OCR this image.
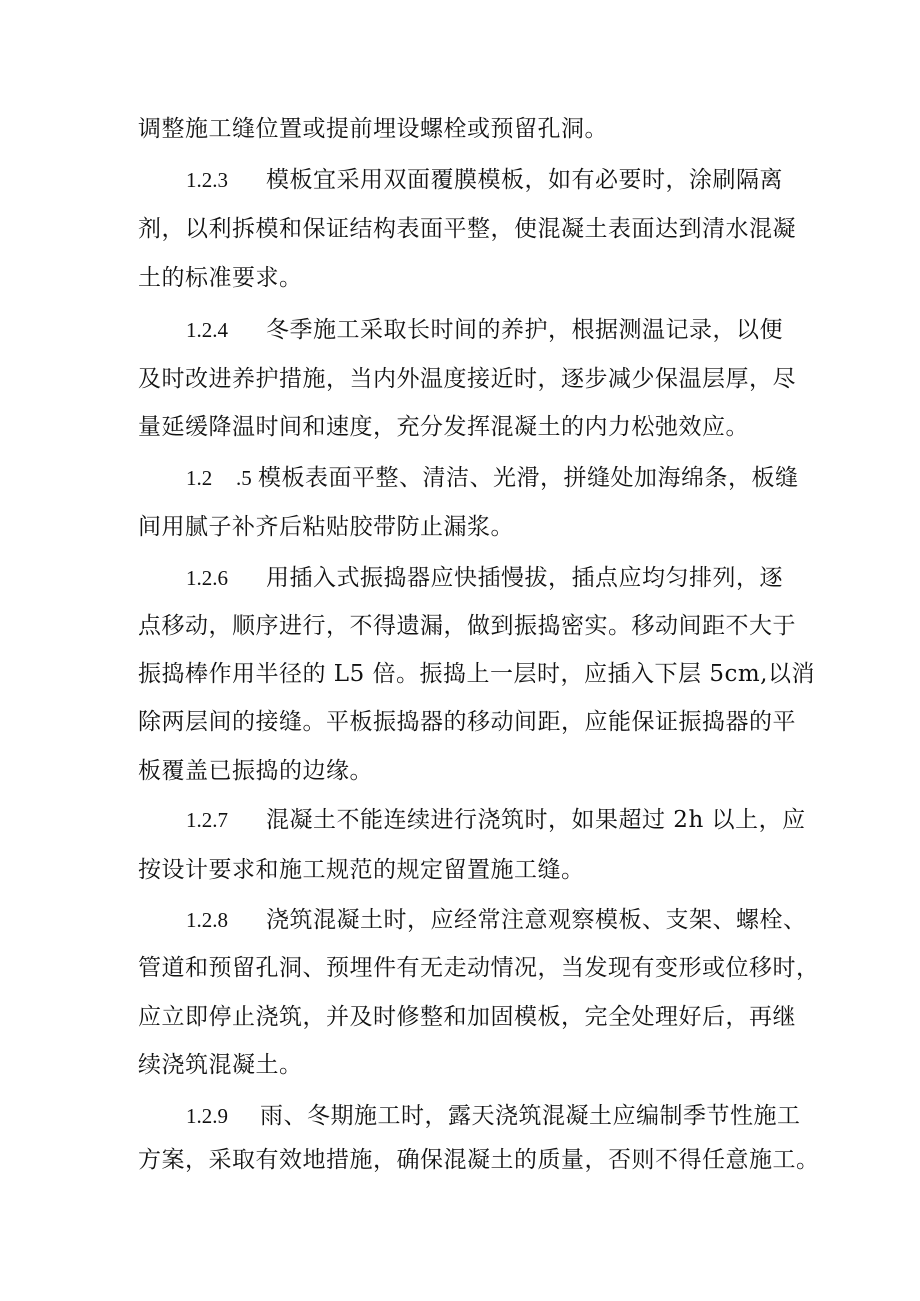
调整施工缝位置或提前埋设螺栓或预留孔洞。
1.2.3 模板宜采用双面覆膜模板，如有必要时，涂刷隔离
剂，以利拆模和保证结构表面平整，使混凝土表面达到清水混凝
土的标准要求。
1.2.4 冬季施工采取长时间的养护，根据测温记录，以便
及时改进养护措施，当内外温度接近时，逐步减少保温层厚，尽
量延缓降温时间和速度，充分发挥混凝土的内力松弛效应。
1.2 .5 模板表面平整、清洁、光滑，拼缝处加海绵条，板缝
间用腻子补齐后粘贴胶带防止漏浆。
1.2.6 用插入式振捣器应快插慢拔，插点应均匀排列，逐
点移动，顺序进行，不得遗漏，做到振捣密实。移动间距不大于
振捣棒作用半径的 L5 倍。振捣上一层时，应插入下层 5cm,以消
除两层间的接缝。平板振捣器的移动间距，应能保证振捣器的平
板覆盖已振捣的边缘。
1.2.7 混凝土不能连续进行浇筑时，如果超过 2h 以上，应
按设计要求和施工规范的规定留置施工缝。
1.2.8 浇筑混凝土时，应经常注意观察模板、支架、螺栓、
管道和预留孔洞、预埋件有无走动情况，当发现有变形或位移时，
应立即停止浇筑，并及时修整和加固模板，完全处理好后，再继
续浇筑混凝土。
1.2.9 雨、冬期施工时，露天浇筑混凝土应编制季节性施工
方案，采取有效地措施，确保混凝土的质量，否则不得任意施工。
